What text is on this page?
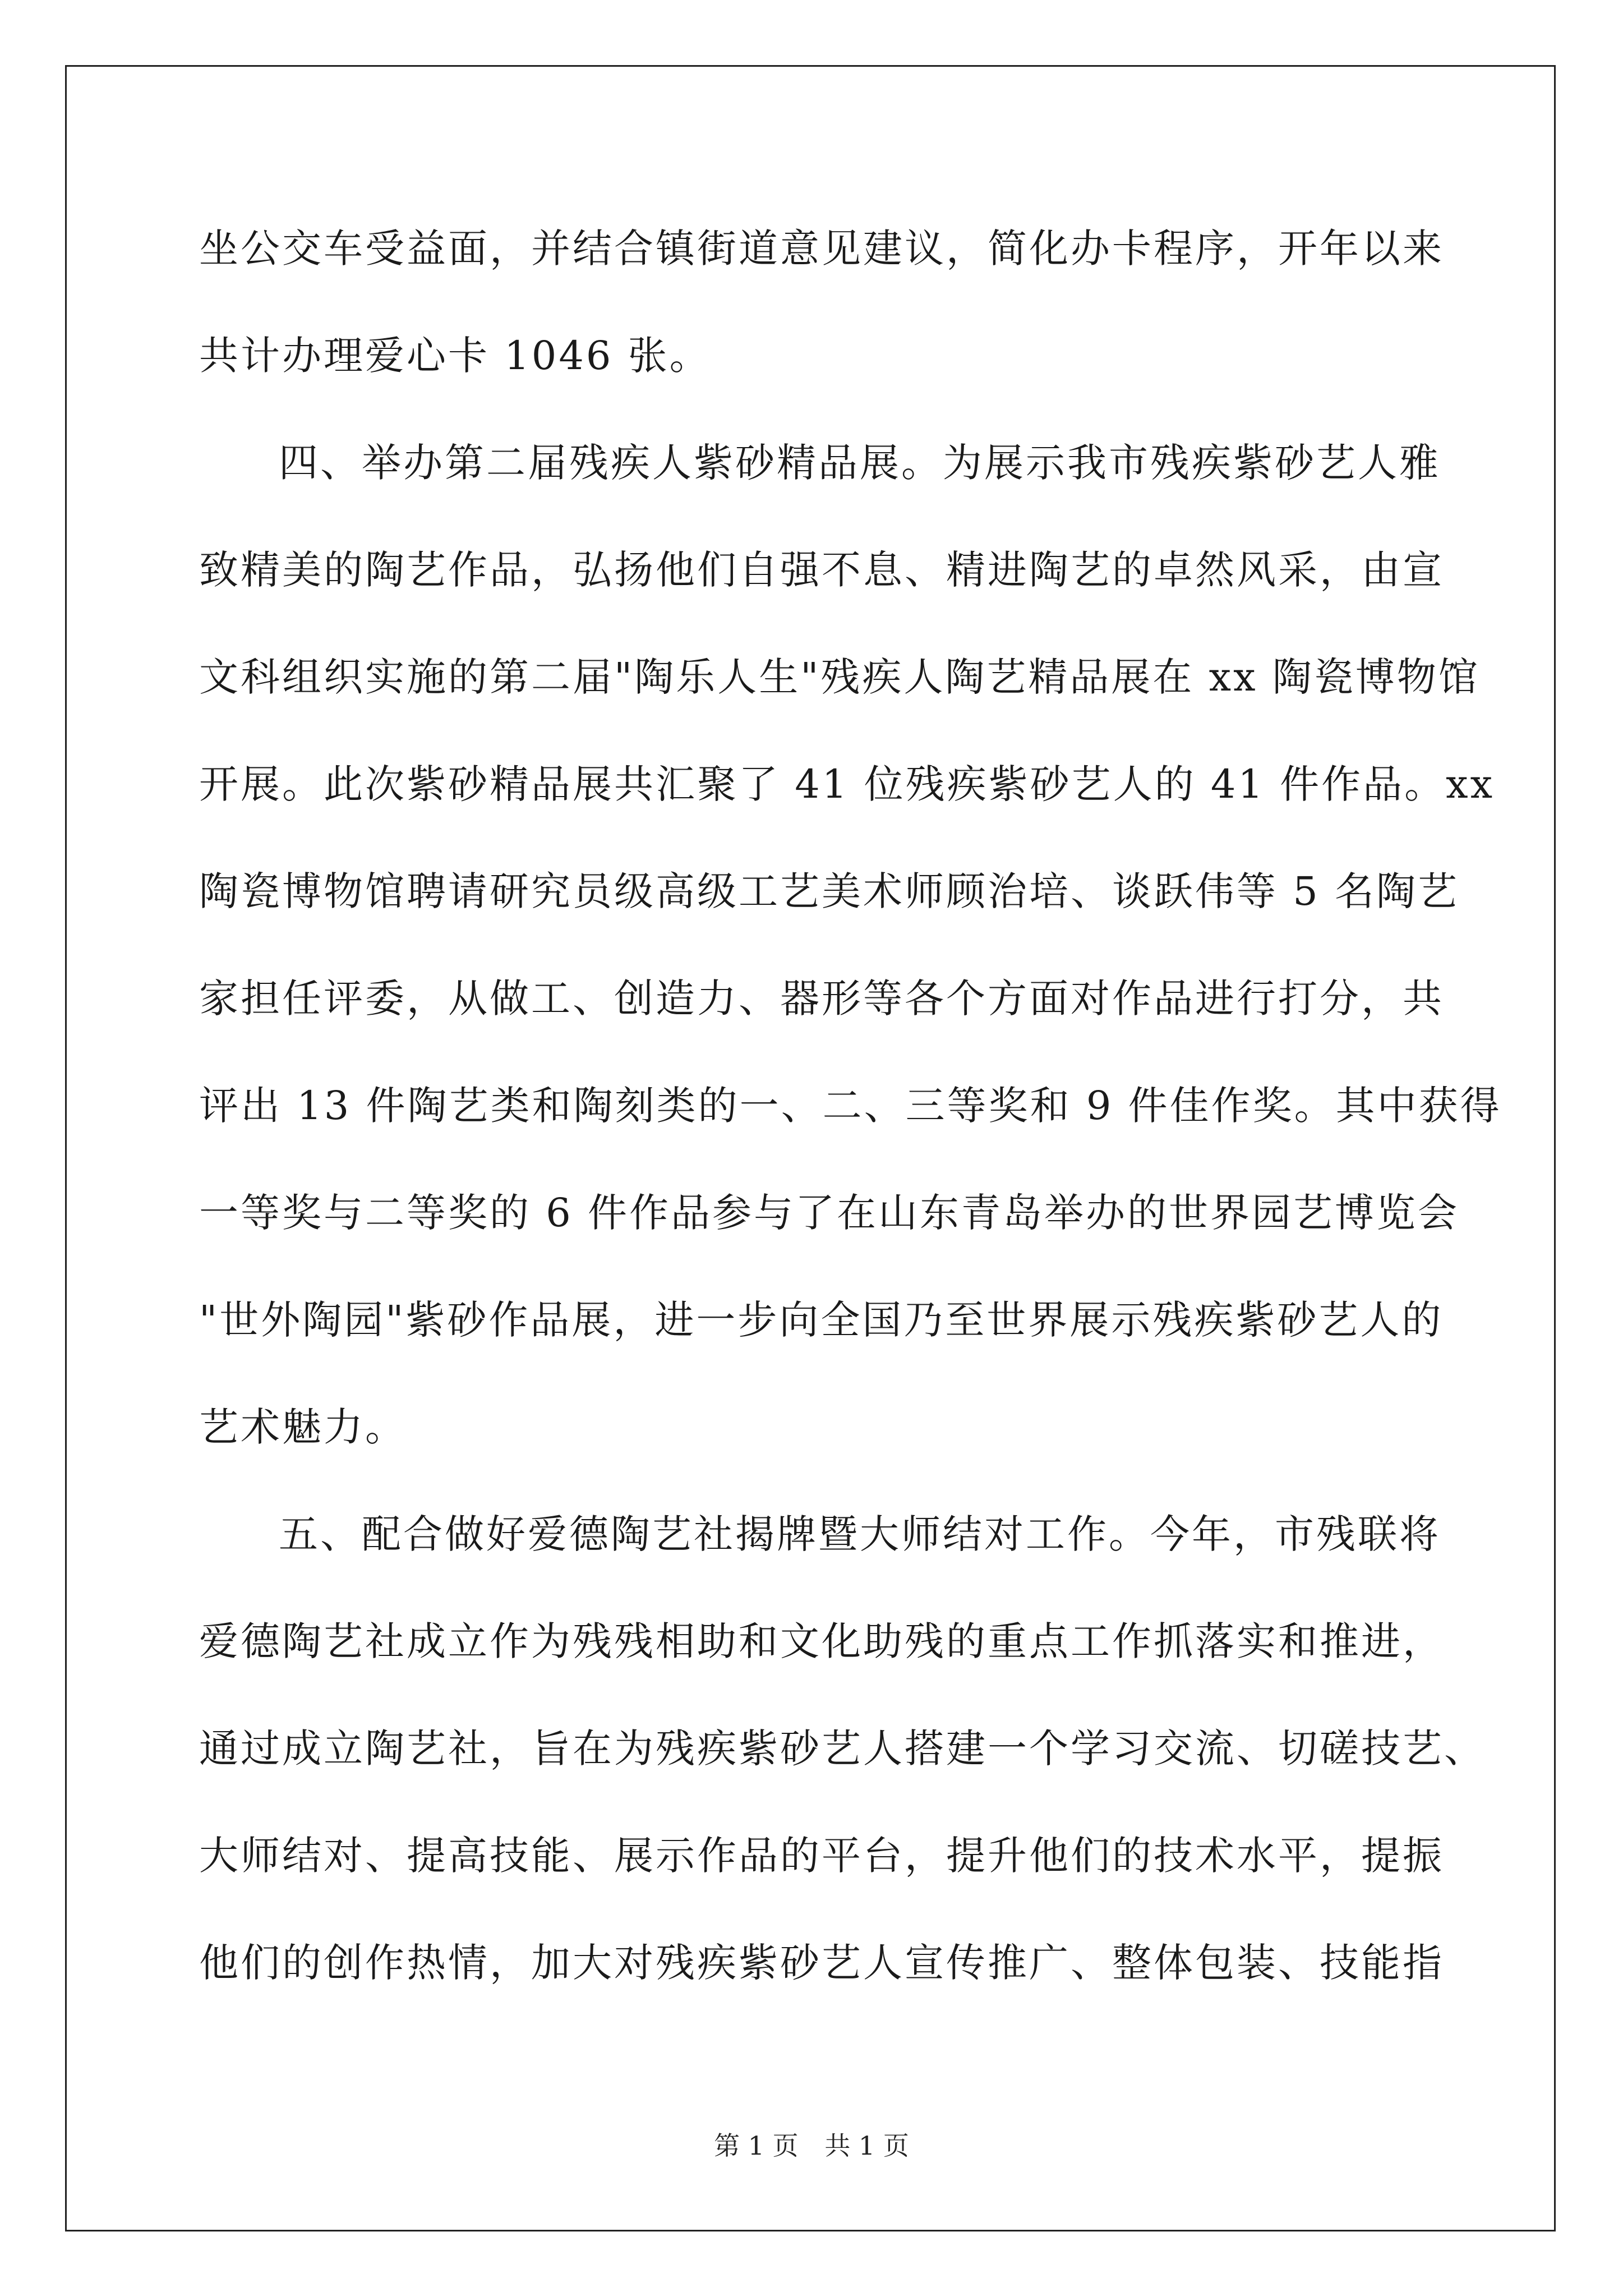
坐公交车受益面，并结合镇街道意见建议，简化办卡程序，开年以来
共计办理爱心卡 1046 张。
四、举办第二届残疾人紫砂精品展。为展示我市残疾紫砂艺人雅
致精美的陶艺作品，弘扬他们自强不息、精进陶艺的卓然风采，由宣
文科组织实施的第二届"陶乐人生"残疾人陶艺精品展在 xx 陶瓷博物馆
开展。此次紫砂精品展共汇聚了 41 位残疾紫砂艺人的 41 件作品。xx
陶瓷博物馆聘请研究员级高级工艺美术师顾治培、谈跃伟等 5 名陶艺
家担任评委，从做工、创造力、器形等各个方面对作品进行打分，共
评出 13 件陶艺类和陶刻类的一、二、三等奖和 9 件佳作奖。其中获得
一等奖与二等奖的 6 件作品参与了在山东青岛举办的世界园艺博览会
"世外陶园"紫砂作品展，进一步向全国乃至世界展示残疾紫砂艺人的
艺术魅力。
五、配合做好爱德陶艺社揭牌暨大师结对工作。今年，市残联将
爱德陶艺社成立作为残残相助和文化助残的重点工作抓落实和推进，
通过成立陶艺社，旨在为残疾紫砂艺人搭建一个学习交流、切磋技艺、
大师结对、提高技能、展示作品的平台，提升他们的技术水平，提振
他们的创作热情，加大对残疾紫砂艺人宣传推广、整体包装、技能指
第 1 页 共 1 页
